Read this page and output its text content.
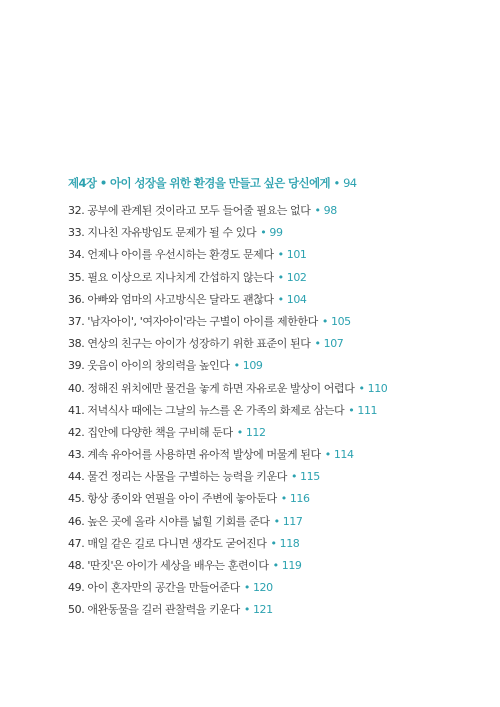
제4장 • 아이 성장을 위한 환경을 만들고 싶은 당신에게 • 94
32. 공부에 관계된 것이라고 모두 들어줄 필요는 없다 • 98
33. 지나친 자유방임도 문제가 될 수 있다 • 99
34. 언제나 아이를 우선시하는 환경도 문제다 • 101
35. 필요 이상으로 지나치게 간섭하지 않는다 • 102
36. 아빠와 엄마의 사고방식은 달라도 괜찮다 • 104
37. '남자아이', '여자아이'라는 구별이 아이를 제한한다 • 105
38. 연상의 친구는 아이가 성장하기 위한 표준이 된다 • 107
39. 웃음이 아이의 창의력을 높인다 • 109
40. 정해진 위치에만 물건을 놓게 하면 자유로운 발상이 어렵다 • 110
41. 저녁식사 때에는 그날의 뉴스를 온 가족의 화제로 삼는다 • 111
42. 집안에 다양한 책을 구비해 둔다 • 112
43. 계속 유아어를 사용하면 유아적 발상에 머물게 된다 • 114
44. 물건 정리는 사물을 구별하는 능력을 키운다 • 115
45. 항상 종이와 연필을 아이 주변에 놓아둔다 • 116
46. 높은 곳에 올라 시야를 넓힐 기회를 준다 • 117
47. 매일 같은 길로 다니면 생각도 굳어진다 • 118
48. '딴짓'은 아이가 세상을 배우는 훈련이다 • 119
49. 아이 혼자만의 공간을 만들어준다 • 120
50. 애완동물을 길러 관찰력을 키운다 • 121
